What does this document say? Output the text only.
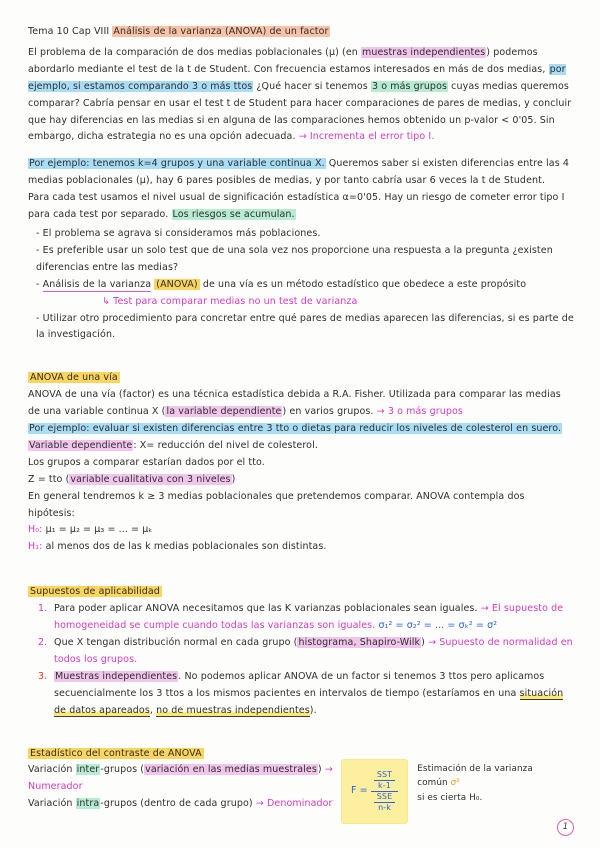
Tema 10 Cap VIII Análisis de la varianza (ANOVA) de un factor

El problema de la comparación de dos medias poblacionales (μ) (en muestras independientes) podemos abordarlo mediante el test de la t de Student. Con frecuencia estamos interesados en más de dos medias, por ejemplo, si estamos comparando 3 o más ttos ¿Qué hacer si tenemos 3 o más grupos cuyas medias queremos comparar? Cabría pensar en usar el test t de Student para hacer comparaciones de pares de medias, y concluir que hay diferencias en las medias si en alguna de las comparaciones hemos obtenido un p-valor < 0'05. Sin embargo, dicha estrategia no es una opción adecuada. → Incrementa el error tipo I.

Por ejemplo: tenemos k=4 grupos y una variable continua X. Queremos saber si existen diferencias entre las 4 medias poblacionales (μ), hay 6 pares posibles de medias, y por tanto cabría usar 6 veces la t de Student.
Para cada test usamos el nivel usual de significación estadística α=0'05. Hay un riesgo de cometer error tipo I para cada test por separado. Los riesgos se acumulan.

- El problema se agrava si consideramos más poblaciones.
- Es preferible usar un solo test que de una sola vez nos proporcione una respuesta a la pregunta ¿existen diferencias entre las medias?
- Análisis de la varianza (ANOVA) de una vía es un método estadístico que obedece a este propósito
↳ Test para comparar medias no un test de varianza
- Utilizar otro procedimiento para concretar entre qué pares de medias aparecen las diferencias, si es parte de la investigación.
ANOVA de una vía

ANOVA de una vía (factor) es una técnica estadística debida a R.A. Fisher. Utilizada para comparar las medias de una variable continua X (la variable dependiente) en varios grupos. → 3 o más grupos
Por ejemplo: evaluar si existen diferencias entre 3 tto o dietas para reducir los niveles de colesterol en suero.
Variable dependiente: X= reducción del nivel de colesterol.
Los grupos a comparar estarían dados por el tto.
Z = tto (variable cualitativa con 3 niveles)
En general tendremos k ≥ 3 medias poblacionales que pretendemos comparar. ANOVA contempla dos hipótesis:
H₀: μ₁ = μ₂ = μ₃ = ... = μₖ
H₁: al menos dos de las k medias poblacionales son distintas.

Supuestos de aplicabilidad
1. Para poder aplicar ANOVA necesitamos que las K varianzas poblacionales sean iguales. → El supuesto de homogeneidad se cumple cuando todas las varianzas son iguales. σ₁² = σ₂² = ... = σₖ² = σ²
2. Que X tengan distribución normal en cada grupo (histograma, Shapiro-Wilk) → Supuesto de normalidad en todos los grupos.
3. Muestras independientes. No podemos aplicar ANOVA de un factor si tenemos 3 ttos pero aplicamos secuencialmente los 3 ttos a los mismos pacientes en intervalos de tiempo (estaríamos en una situación de datos apareados, no de muestras independientes).
Estadístico del contraste de ANOVA
Variación inter-grupos (variación en las medias muestrales) → Numerador
Variación intra-grupos (dentro de cada grupo) → Denominador
$F = \frac{\frac{\text{SST}}{k-1}}{\frac{\text{SSE}}{n-k}}$
Estimación de la varianza común σ²
si es cierta H₀.
1
